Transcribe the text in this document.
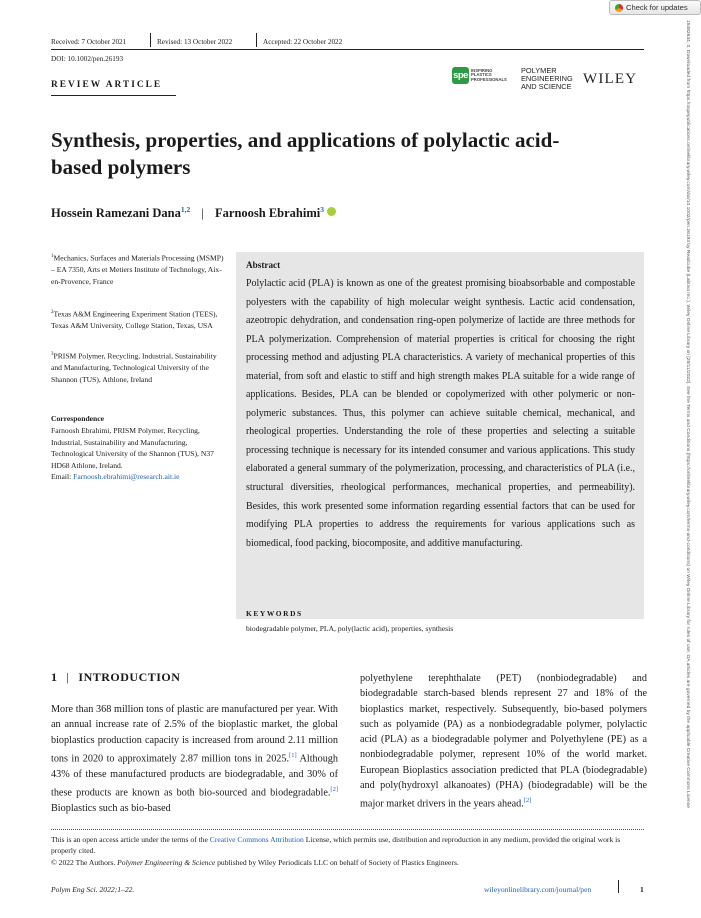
Check for updates
15482634, 0, Downloaded from https://4spepublications.onlinelibrary.wiley.com/doi/10.1002/pen.26193 by Readcube (Labtiva Inc.), Wiley Online Library on [25/11/2022]. See the Terms and Conditions (https://onlinelibrary.wiley.com/terms-and-conditions) on Wiley Online Library for rules of use; OA articles are governed by the applicable Creative Commons License
Received: 7 October 2021	Revised: 13 October 2022	Accepted: 22 October 2022
DOI: 10.1002/pen.26193
REVIEW ARTICLE
spe INSPIRING
PLASTICS
PROFESSIONALS
POLYMER
ENGINEERING
AND SCIENCE WILEY
Synthesis, properties, and applications of polylactic acid-based polymers
Hossein Ramezani Dana$^{1,2}$ | Farnoosh Ebrahimi$^3$
$^1$Mechanics, Surfaces and Materials Processing (MSMP) – EA 7350, Arts et Metiers Institute of Technology, Aix-en-Provence, France
$^2$Texas A&M Engineering Experiment Station (TEES), Texas A&M University, College Station, Texas, USA
$^3$PRISM Polymer, Recycling, Industrial, Sustainability and Manufacturing, Technological University of the Shannon (TUS), Athlone, Ireland
Correspondence
Farnoosh Ebrahimi, PRISM Polymer, Recycling, Industrial, Sustainability and Manufacturing, Technological University of the Shannon (TUS), N37 HD68 Athlone, Ireland.
Email: Farnoosh.ebrahimi@research.ait.ie
Abstract
Polylactic acid (PLA) is known as one of the greatest promising bioabsorbable and compostable polyesters with the capability of high molecular weight synthesis. Lactic acid condensation, azeotropic dehydration, and condensation ring-open polymerize of lactide are three methods for PLA polymerization. Comprehension of material properties is critical for choosing the right processing method and adjusting PLA characteristics. A variety of mechanical properties of this material, from soft and elastic to stiff and high strength makes PLA suitable for a wide range of applications. Besides, PLA can be blended or copolymerized with other polymeric or non-polymeric substances. Thus, this polymer can achieve suitable chemical, mechanical, and rheological properties. Understanding the role of these properties and selecting a suitable processing technique is necessary for its intended consumer and various applications. This study elaborated a general summary of the polymerization, processing, and characteristics of PLA (i.e., structural diversities, rheological performances, mechanical properties, and permeability). Besides, this work presented some information regarding essential factors that can be used for modifying PLA properties to address the requirements for various applications such as biomedical, food packing, biocomposite, and additive manufacturing.
KEYWORDS
biodegradable polymer, PLA, poly(lactic acid), properties, synthesis
1 | INTRODUCTION
More than 368 million tons of plastic are manufactured per year. With an annual increase rate of 2.5% of the bioplastic market, the global bioplastics production capacity is increased from around 2.11 million tons in 2020 to approximately 2.87 million tons in 2025.[1] Although 43% of these manufactured products are biodegradable, and 30% of these products are known as both bio-sourced and biodegradable.[2] Bioplastics such as bio-based
polyethylene terephthalate (PET) (nonbiodegradable) and biodegradable starch-based blends represent 27 and 18% of the bioplastics market, respectively. Subsequently, bio-based polymers such as polyamide (PA) as a nonbiodegradable polymer, polylactic acid (PLA) as a biodegradable polymer and Polyethylene (PE) as a nonbiodegradable polymer, represent 10% of the world market. European Bioplastics association predicted that PLA (biodegradable) and poly(hydroxyl alkanoates) (PHA) (biodegradable) will be the major market drivers in the years ahead.[2]
This is an open access article under the terms of the Creative Commons Attribution License, which permits use, distribution and reproduction in any medium, provided the original work is properly cited.
© 2022 The Authors. Polymer Engineering & Science published by Wiley Periodicals LLC on behalf of Society of Plastics Engineers.
Polym Eng Sci. 2022;1–22.	wileyonlinelibrary.com/journal/pen	1
